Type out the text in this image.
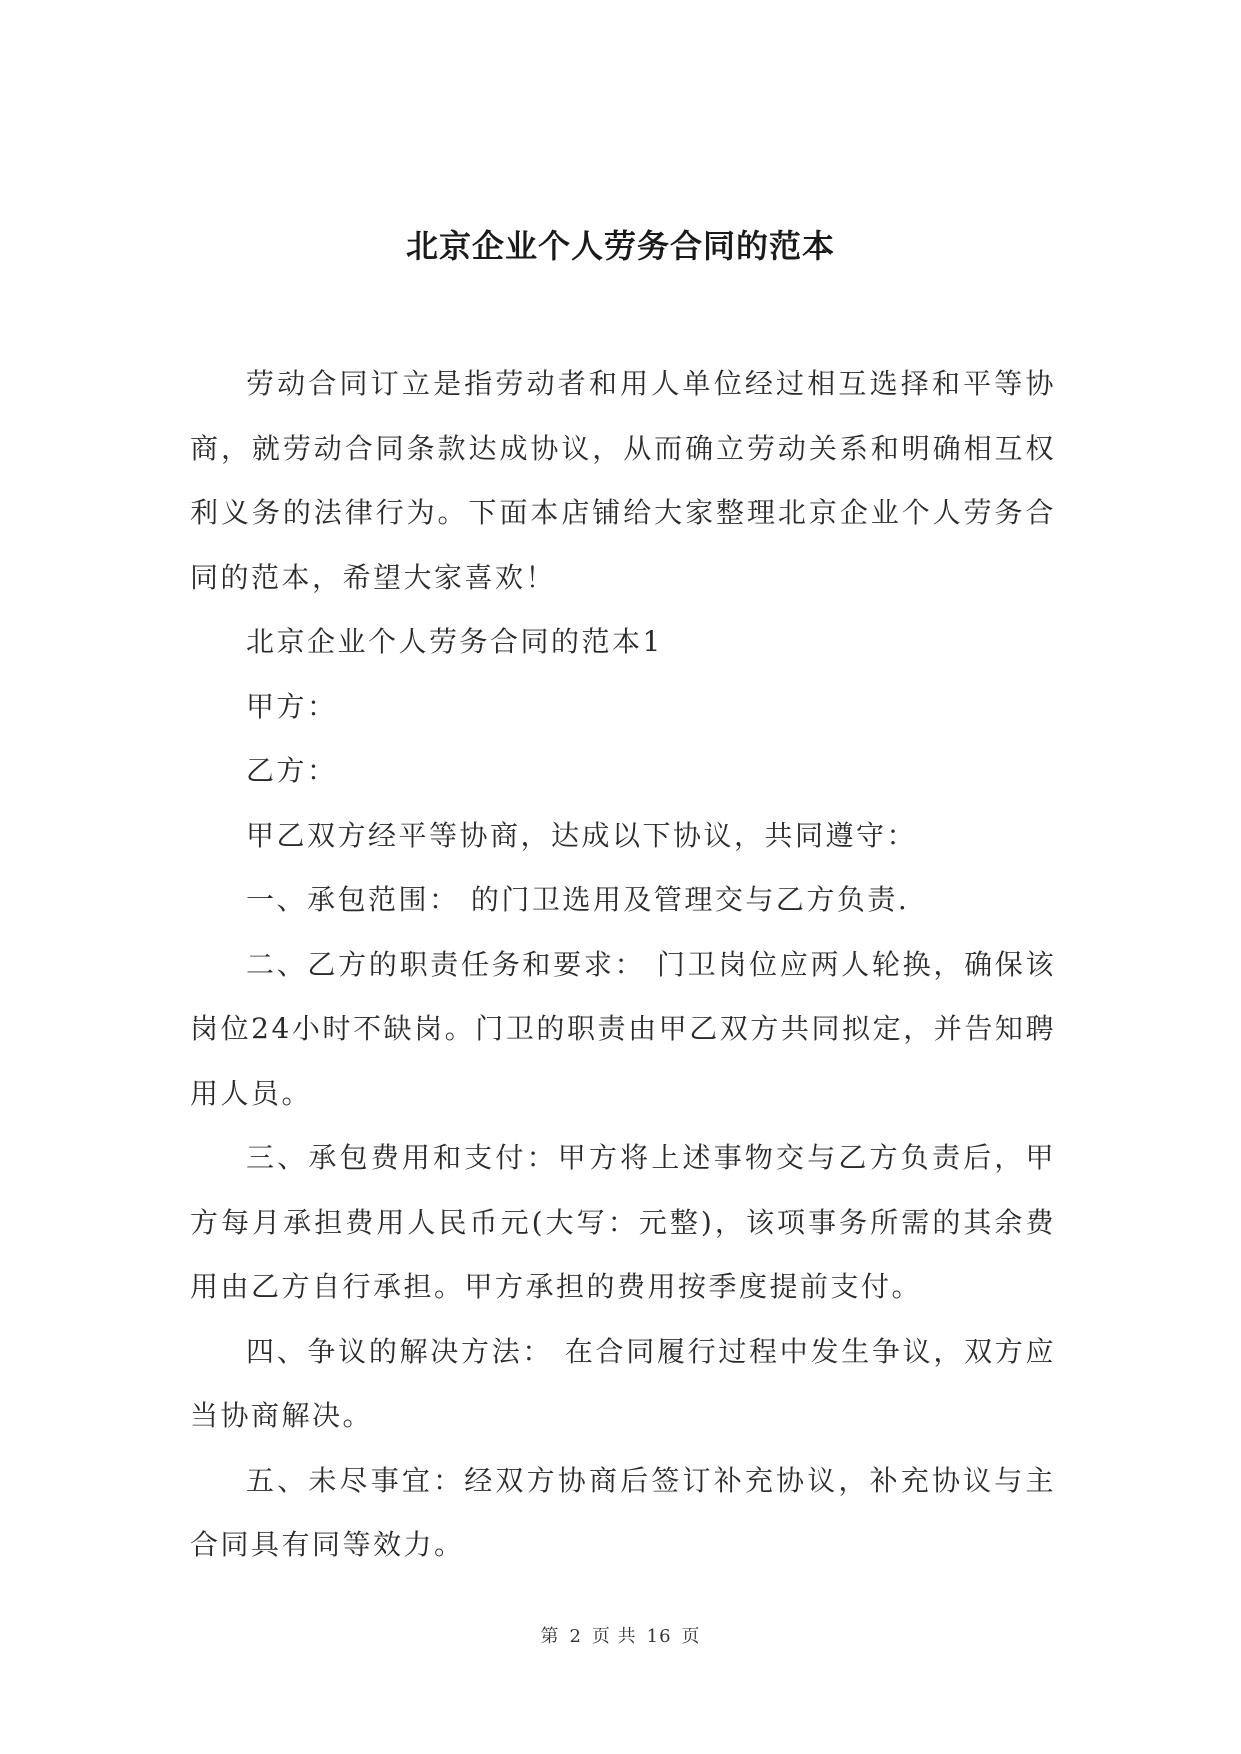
北京企业个人劳务合同的范本

劳动合同订立是指劳动者和用人单位经过相互选择和平等协商，就劳动合同条款达成协议，从而确立劳动关系和明确相互权利义务的法律行为。下面本店铺给大家整理北京企业个人劳务合同的范本，希望大家喜欢！

北京企业个人劳务合同的范本1

甲方：

乙方：

甲乙双方经平等协商，达成以下协议，共同遵守：

一、承包范围： 的门卫选用及管理交与乙方负责.

二、乙方的职责任务和要求： 门卫岗位应两人轮换，确保该岗位24小时不缺岗。门卫的职责由甲乙双方共同拟定，并告知聘用人员。

三、承包费用和支付：甲方将上述事物交与乙方负责后，甲方每月承担费用人民币元(大写：元整)，该项事务所需的其余费用由乙方自行承担。甲方承担的费用按季度提前支付。

四、争议的解决方法： 在合同履行过程中发生争议，双方应当协商解决。

五、未尽事宜：经双方协商后签订补充协议，补充协议与主合同具有同等效力。

第 2 页 共 16 页
